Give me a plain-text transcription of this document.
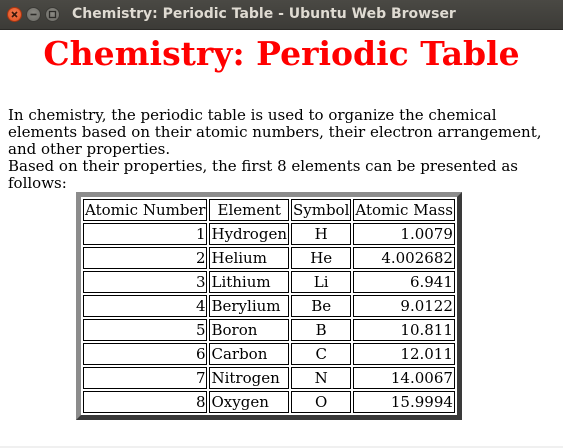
Chemistry: Periodic Table - Ubuntu Web Browser
Chemistry: Periodic Table

In chemistry, the periodic table is used to organize the chemical elements based on their atomic numbers, their electron arrangement, and other properties.

Based on their properties, the first 8 elements can be presented as follows:

Atomic Number	Element	Symbol	Atomic Mass
1	Hydrogen	H	1.0079
2	Helium	He	4.002682
3	Lithium	Li	6.941
4	Berylium	Be	9.0122
5	Boron	B	10.811
6	Carbon	C	12.011
7	Nitrogen	N	14.0067
8	Oxygen	O	15.9994
